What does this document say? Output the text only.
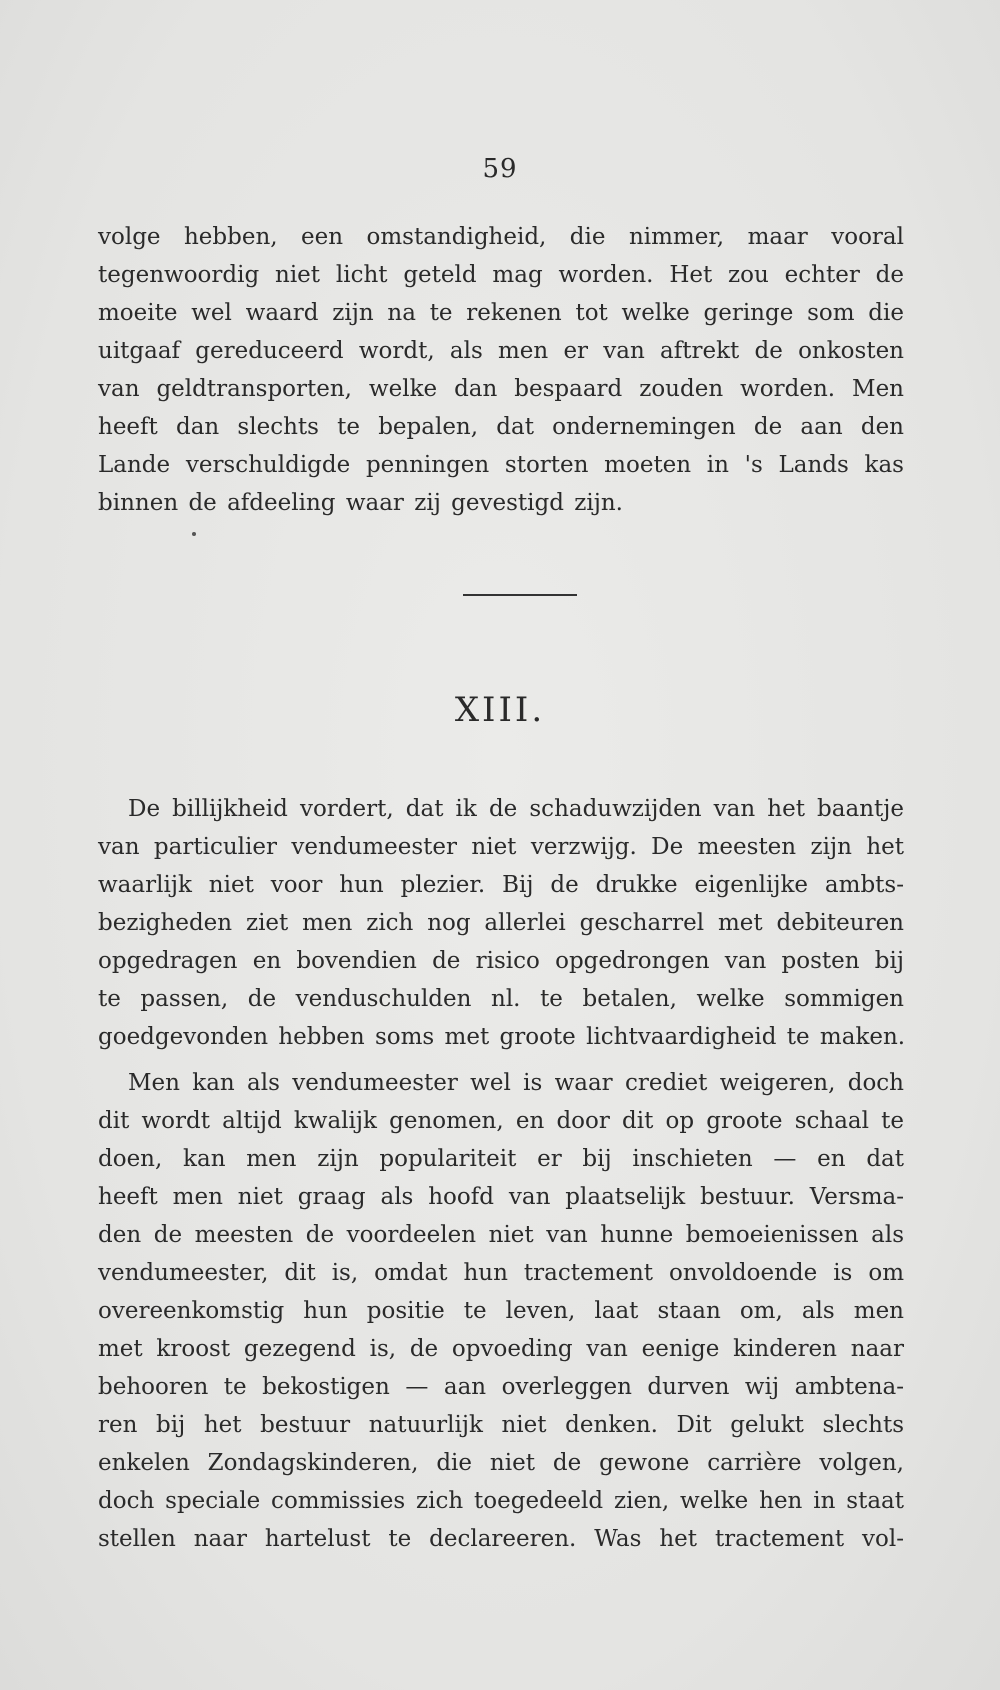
59
volge hebben, een omstandigheid, die nimmer, maar vooral
tegenwoordig niet licht geteld mag worden. Het zou echter de
moeite wel waard zijn na te rekenen tot welke geringe som die
uitgaaf gereduceerd wordt, als men er van aftrekt de onkosten
van geldtransporten, welke dan bespaard zouden worden. Men
heeft dan slechts te bepalen, dat ondernemingen de aan den
Lande verschuldigde penningen storten moeten in 's Lands kas
binnen de afdeeling waar zij gevestigd zijn.
XIII.
De billijkheid vordert, dat ik de schaduwzijden van het baantje
van particulier vendumeester niet verzwijg. De meesten zijn het
waarlijk niet voor hun plezier. Bij de drukke eigenlijke ambts-
bezigheden ziet men zich nog allerlei gescharrel met debiteuren
opgedragen en bovendien de risico opgedrongen van posten bij
te passen, de venduschulden nl. te betalen, welke sommigen
goedgevonden hebben soms met groote lichtvaardigheid te maken.
Men kan als vendumeester wel is waar crediet weigeren, doch
dit wordt altijd kwalijk genomen, en door dit op groote schaal te
doen, kan men zijn populariteit er bij inschieten — en dat
heeft men niet graag als hoofd van plaatselijk bestuur. Versma-
den de meesten de voordeelen niet van hunne bemoeienissen als
vendumeester, dit is, omdat hun tractement onvoldoende is om
overeenkomstig hun positie te leven, laat staan om, als men
met kroost gezegend is, de opvoeding van eenige kinderen naar
behooren te bekostigen — aan overleggen durven wij ambtena-
ren bij het bestuur natuurlijk niet denken. Dit gelukt slechts
enkelen Zondagskinderen, die niet de gewone carrière volgen,
doch speciale commissies zich toegedeeld zien, welke hen in staat
stellen naar hartelust te declareeren. Was het tractement vol-
